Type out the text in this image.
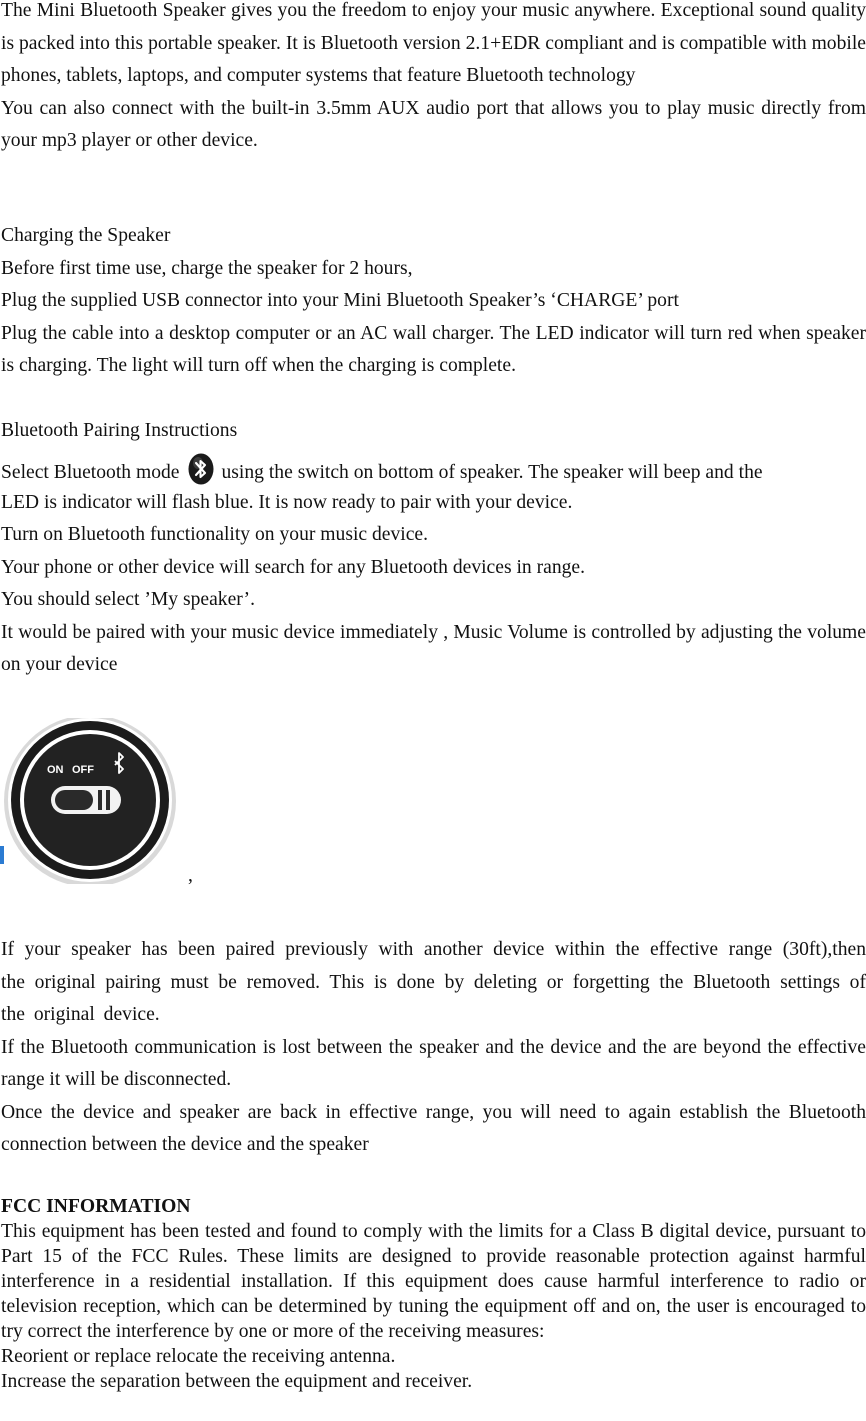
The Mini Bluetooth Speaker gives you the freedom to enjoy your music anywhere. Exceptional sound quality is packed into this portable speaker. It is Bluetooth version 2.1+EDR compliant and is compatible with mobile phones, tablets, laptops, and computer systems that feature Bluetooth technology

You can also connect with the built-in 3.5mm AUX audio port that allows you to play music directly from your mp3 player or other device.

Charging the Speaker

Before first time use, charge the speaker for 2 hours,

Plug the supplied USB connector into your Mini Bluetooth Speaker’s ‘CHARGE’ port

Plug the cable into a desktop computer or an AC wall charger. The LED indicator will turn red when speaker is charging. The light will turn off when the charging is complete.

Bluetooth Pairing Instructions

Select Bluetooth mode using the switch on bottom of speaker. The speaker will beep and the

LED is indicator will flash blue. It is now ready to pair with your device.

Turn on Bluetooth functionality on your music device.

Your phone or other device will search for any Bluetooth devices in range.

You should select ’My speaker’.

It would be paired with your music device immediately , Music Volume is controlled by adjusting the volume on your device

ON OFF
,

If your speaker has been paired previously with another device within the effective range (30ft),then the original pairing must be removed. This is done by deleting or forgetting the Bluetooth settings of the original device.

If the Bluetooth communication is lost between the speaker and the device and the are beyond the effective range it will be disconnected.

Once the device and speaker are back in effective range, you will need to again establish the Bluetooth connection between the device and the speaker

FCC INFORMATION

This equipment has been tested and found to comply with the limits for a Class B digital device, pursuant to Part 15 of the FCC Rules. These limits are designed to provide reasonable protection against harmful interference in a residential installation. If this equipment does cause harmful interference to radio or television reception, which can be determined by tuning the equipment off and on, the user is encouraged to try correct the interference by one or more of the receiving measures:

Reorient or replace relocate the receiving antenna.

Increase the separation between the equipment and receiver.
